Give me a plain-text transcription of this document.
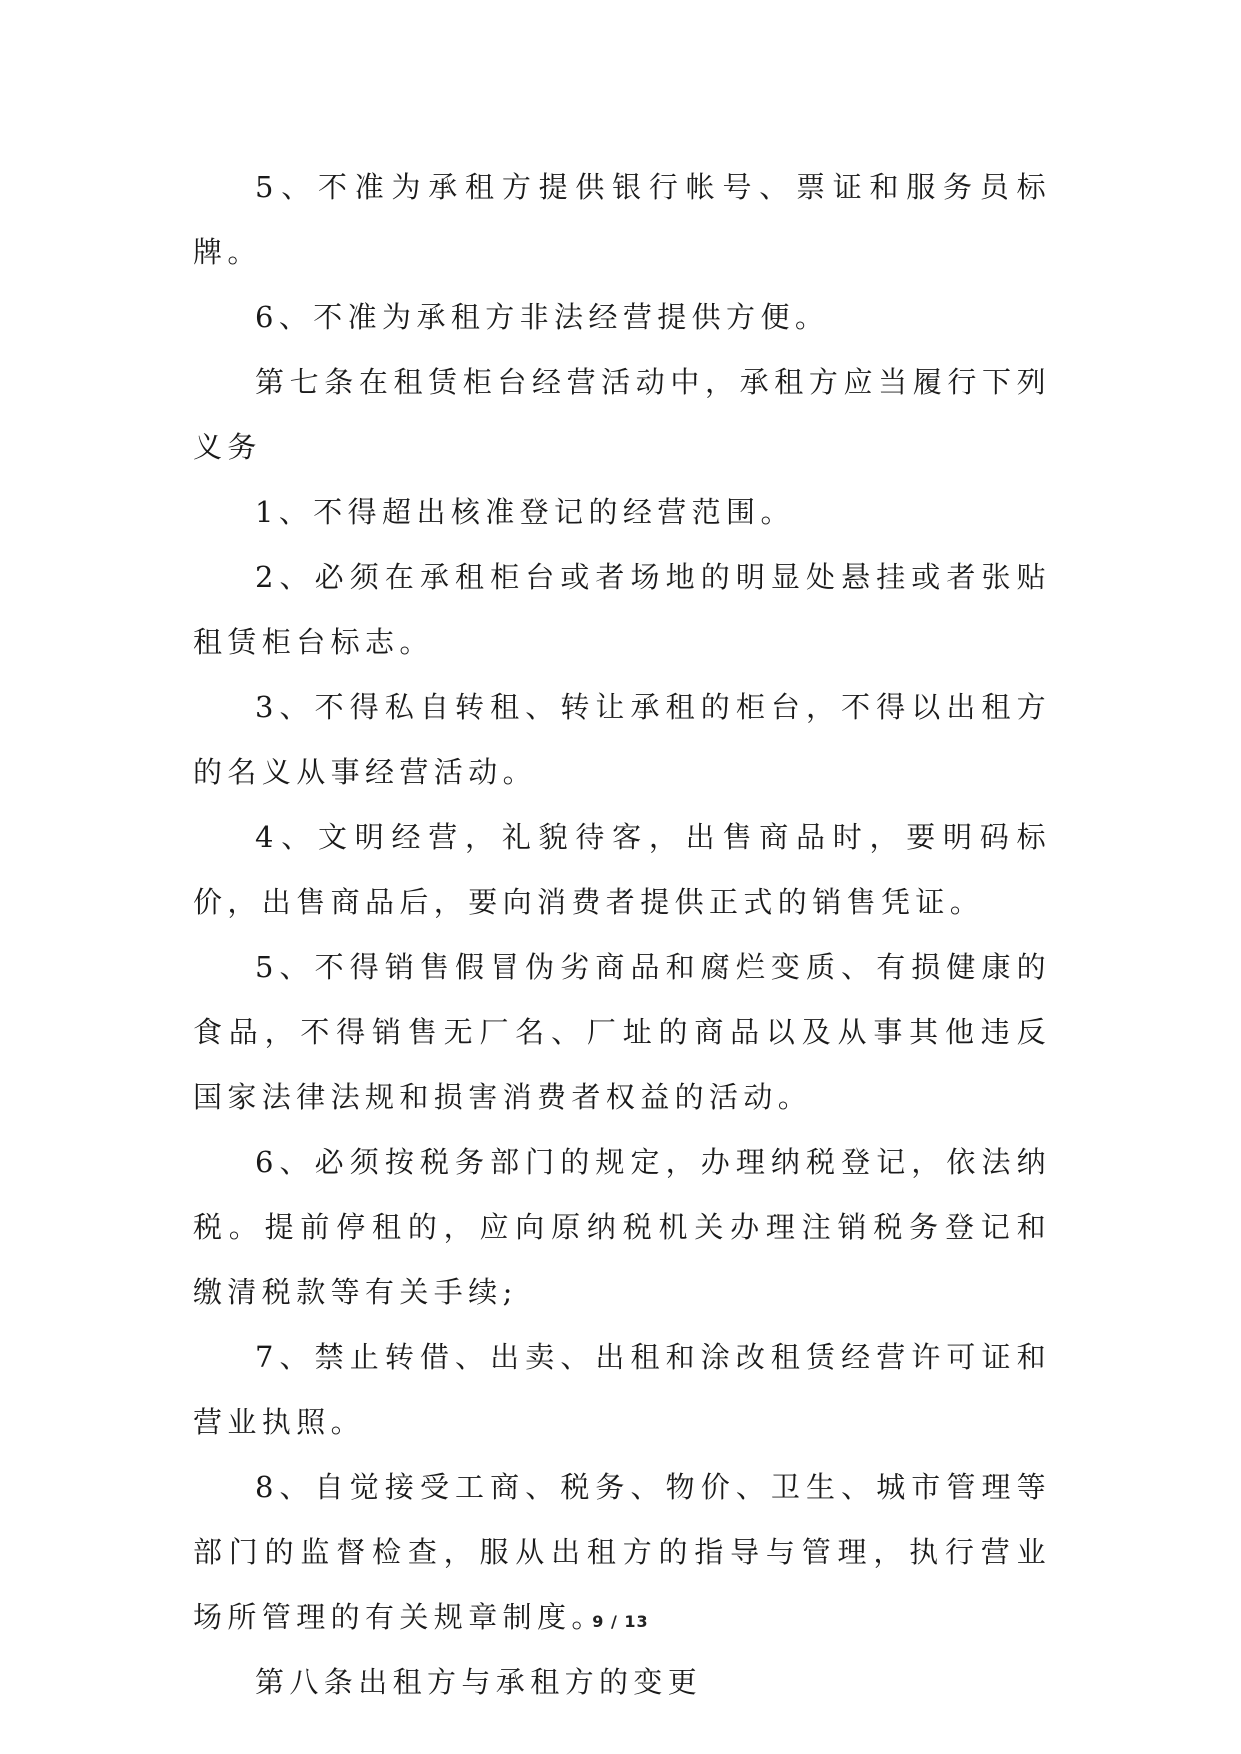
5、不准为承租方提供银行帐号、票证和服务员标牌。

6、不准为承租方非法经营提供方便。

第七条在租赁柜台经营活动中，承租方应当履行下列义务

1、不得超出核准登记的经营范围。

2、必须在承租柜台或者场地的明显处悬挂或者张贴租赁柜台标志。

3、不得私自转租、转让承租的柜台，不得以出租方的名义从事经营活动。

4、文明经营，礼貌待客，出售商品时，要明码标价，出售商品后，要向消费者提供正式的销售凭证。

5、不得销售假冒伪劣商品和腐烂变质、有损健康的食品，不得销售无厂名、厂址的商品以及从事其他违反国家法律法规和损害消费者权益的活动。

6、必须按税务部门的规定，办理纳税登记，依法纳税。提前停租的，应向原纳税机关办理注销税务登记和缴清税款等有关手续;

7、禁止转借、出卖、出租和涂改租赁经营许可证和营业执照。

8、自觉接受工商、税务、物价、卫生、城市管理等部门的监督检查，服从出租方的指导与管理，执行营业场所管理的有关规章制度。

第八条出租方与承租方的变更

9 / 13
